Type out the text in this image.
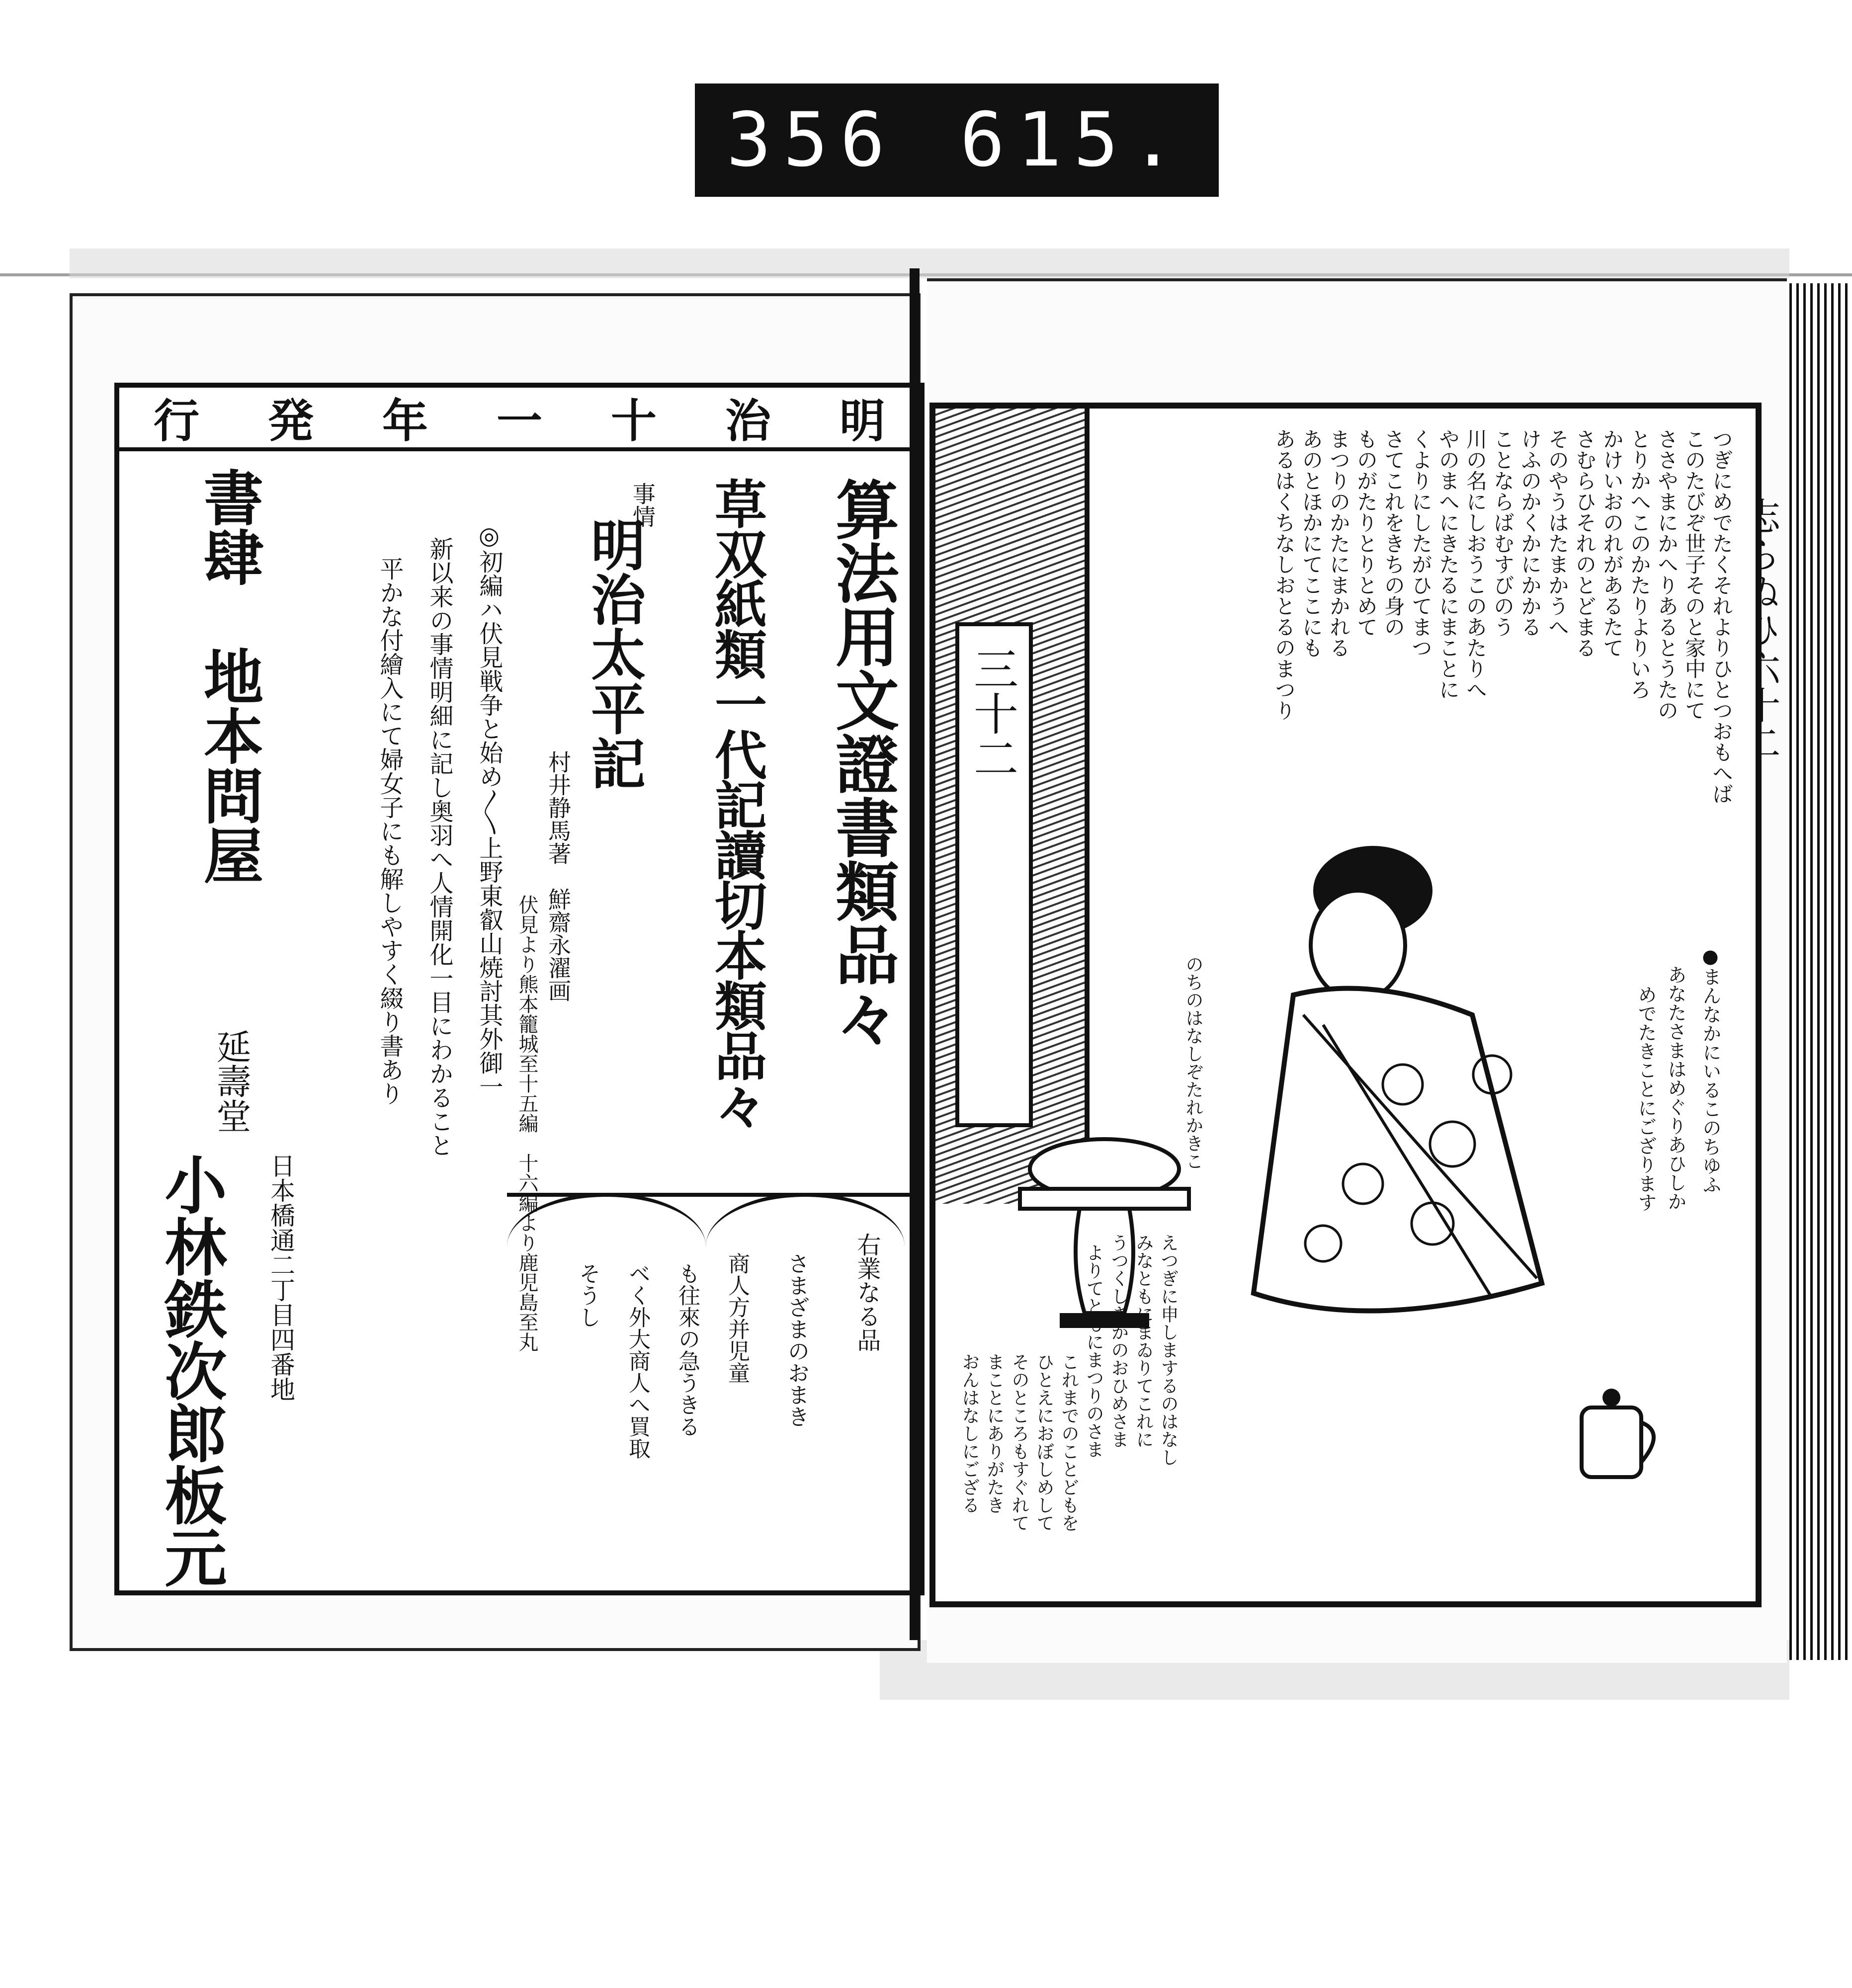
356 615.
明
治
十
一
年
発
行
算法用文證書類品々
草双紙類一代記讀切本類品々
事情
明治太平記
村井静馬著　鮮齋永濯画
伏見より熊本籠城至十五編　十六編より鹿児島至丸
◎初編ハ伏見戦争と始め〳〵上野東叡山焼討其外御一
新以来の事情明細に記し奥羽へ人情開化一目にわかること
平かな付繪入にて婦女子にも解しやすく綴り書あり
右業なる品
さまざまのおまき
商人方并児童
も往來の急うきる
ベく外大商人へ買取
そうし
書肆　地本問屋
延壽堂
日本橋通二丁目四番地
小林鉄次郎板元
三十二	つぎにめでたくそれよりひとつおもへば
このたびぞ世子そのと家中にて
ささやまにかへりあるとうたの
とりかへこのかたりよりいろ
かけいおのれがあるたて
さむらひそれのとどまる
そのやうはたまかうへ
けふのかくかにかかる
ことならばむすびのう
川の名にしおうこのあたりへ
やのまへにきたるにまことに
くよりにしたがひてまつ
さてこれをきちの身の
ものがたりとりとめて
まつりのかたにまかれる
あのとほかにてここにも
あるはくちなしおとるのまつり
●まんなかにいるこのちゆふ
あなたさまはめぐりあひしか
めでたきことにござります
のちのはなしぞたれかきこ
えつぎに申しまするのはなし
みなともにまゐりてこれに
うつくしきかのおひめさま
よりてともにまつりのさま
これまでのことどもを
ひとえにおぼしめして
そのところもすぐれて
まことにありがたき
おんはなしにござる
